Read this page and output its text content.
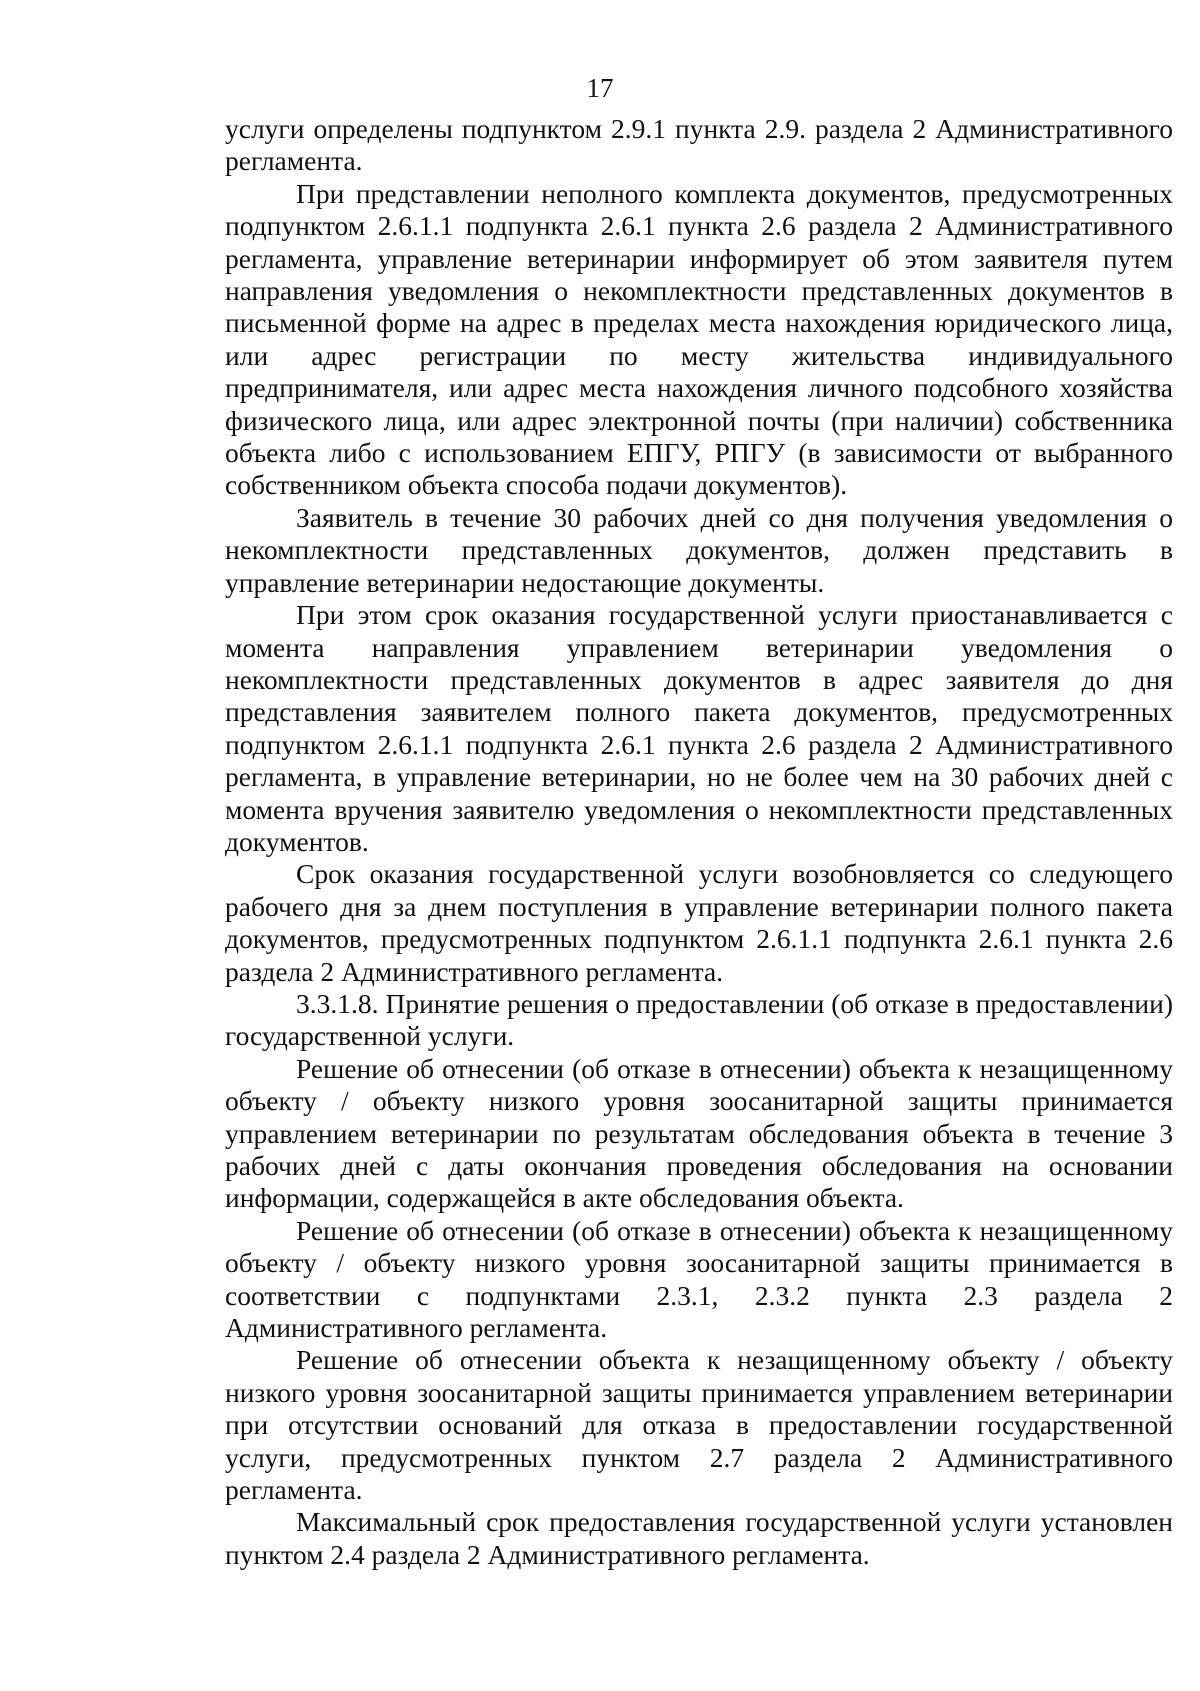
17

услуги определены подпунктом 2.9.1 пункта 2.9. раздела 2 Административного регламента.

При представлении неполного комплекта документов, предусмотренных подпунктом 2.6.1.1 подпункта 2.6.1 пункта 2.6 раздела 2 Административного регламента, управление ветеринарии информирует об этом заявителя путем направления уведомления о некомплектности представленных документов в письменной форме на адрес в пределах места нахождения юридического лица, или адрес регистрации по месту жительства индивидуального предпринимателя, или адрес места нахождения личного подсобного хозяйства физического лица, или адрес электронной почты (при наличии) собственника объекта либо с использованием ЕПГУ, РПГУ (в зависимости от выбранного собственником объекта способа подачи документов).

Заявитель в течение 30 рабочих дней со дня получения уведомления о некомплектности представленных документов, должен представить в управление ветеринарии недостающие документы.

При этом срок оказания государственной услуги приостанавливается с момента направления управлением ветеринарии уведомления о некомплектности представленных документов в адрес заявителя до дня представления заявителем полного пакета документов, предусмотренных подпунктом 2.6.1.1 подпункта 2.6.1 пункта 2.6 раздела 2 Административного регламента, в управление ветеринарии, но не более чем на 30 рабочих дней с момента вручения заявителю уведомления о некомплектности представленных документов.

Срок оказания государственной услуги возобновляется со следующего рабочего дня за днем поступления в управление ветеринарии полного пакета документов, предусмотренных подпунктом 2.6.1.1 подпункта 2.6.1 пункта 2.6 раздела 2 Административного регламента.

3.3.1.8. Принятие решения о предоставлении (об отказе в предоставлении) государственной услуги.

Решение об отнесении (об отказе в отнесении) объекта к незащищенному объекту / объекту низкого уровня зоосанитарной защиты принимается управлением ветеринарии по результатам обследования объекта в течение 3 рабочих дней с даты окончания проведения обследования на основании информации, содержащейся в акте обследования объекта.

Решение об отнесении (об отказе в отнесении) объекта к незащищенному объекту / объекту низкого уровня зоосанитарной защиты принимается в соответствии с подпунктами 2.3.1, 2.3.2 пункта 2.3 раздела 2 Административного регламента.

Решение об отнесении объекта к незащищенному объекту / объекту низкого уровня зоосанитарной защиты принимается управлением ветеринарии при отсутствии оснований для отказа в предоставлении государственной услуги, предусмотренных пунктом 2.7 раздела 2 Административного регламента.

Максимальный срок предоставления государственной услуги установлен пунктом 2.4 раздела 2 Административного регламента.
